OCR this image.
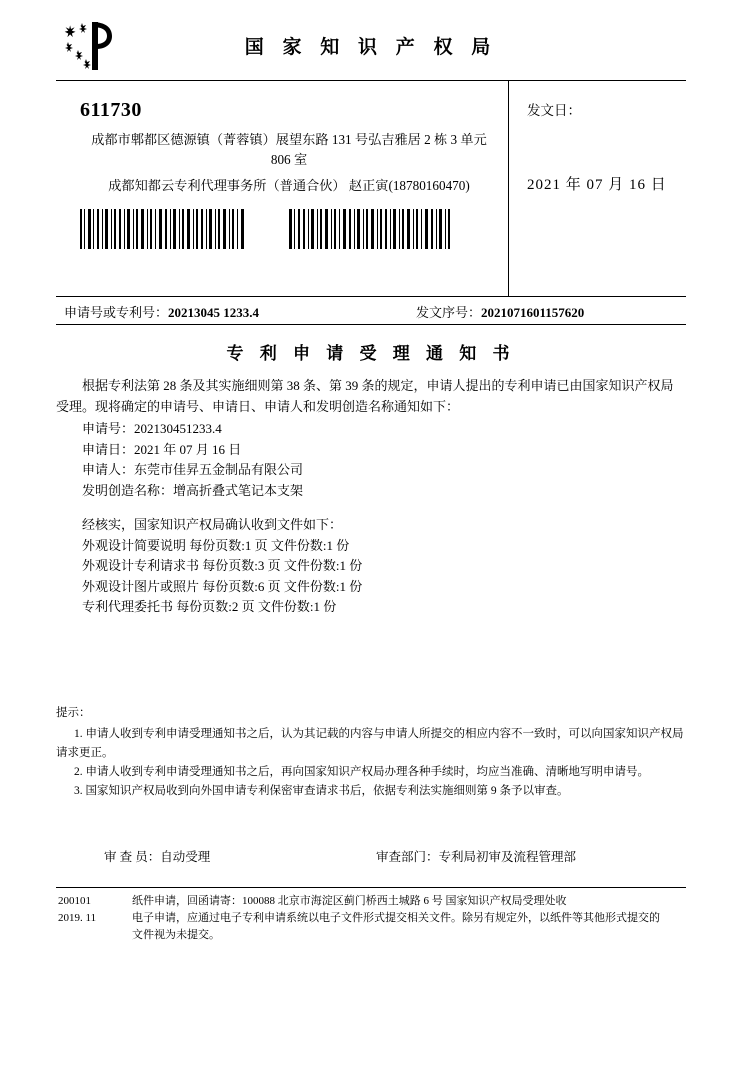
国 家 知 识 产 权 局
611730
成都市郫都区德源镇（菁蓉镇）展望东路 131 号弘吉雅居 2 栋 3 单元
806 室
成都知都云专利代理事务所（普通合伙） 赵正寅(18780160470)

发文日：
2021 年 07 月 16 日
申请号或专利号：20213045 1233.4	发文序号：2021071601157620
专 利 申 请 受 理 通 知 书
根据专利法第 28 条及其实施细则第 38 条、第 39 条的规定，申请人提出的专利申请已由国家知识产权局受理。现将确定的申请号、申请日、申请人和发明创造名称通知如下：
申请号：202130451233.4
申请日：2021 年 07 月 16 日
申请人：东莞市佳昇五金制品有限公司
发明创造名称：增高折叠式笔记本支架
经核实，国家知识产权局确认收到文件如下：
外观设计简要说明 每份页数:1 页 文件份数:1 份
外观设计专利请求书 每份页数:3 页 文件份数:1 份
外观设计图片或照片 每份页数:6 页 文件份数:1 份
专利代理委托书 每份页数:2 页 文件份数:1 份
提示：
1. 申请人收到专利申请受理通知书之后，认为其记载的内容与申请人所提交的相应内容不一致时，可以向国家知识产权局请求更正。
2. 申请人收到专利申请受理通知书之后，再向国家知识产权局办理各种手续时，均应当准确、清晰地写明申请号。
3. 国家知识产权局收到向外国申请专利保密审查请求书后，依据专利法实施细则第 9 条予以审查。
审 查 员：自动受理	审查部门：专利局初审及流程管理部
200101
2019. 11
纸件申请，回函请寄：100088 北京市海淀区蓟门桥西土城路 6 号 国家知识产权局受理处收
电子申请，应通过电子专利申请系统以电子文件形式提交相关文件。除另有规定外，以纸件等其他形式提交的
文件视为未提交。
